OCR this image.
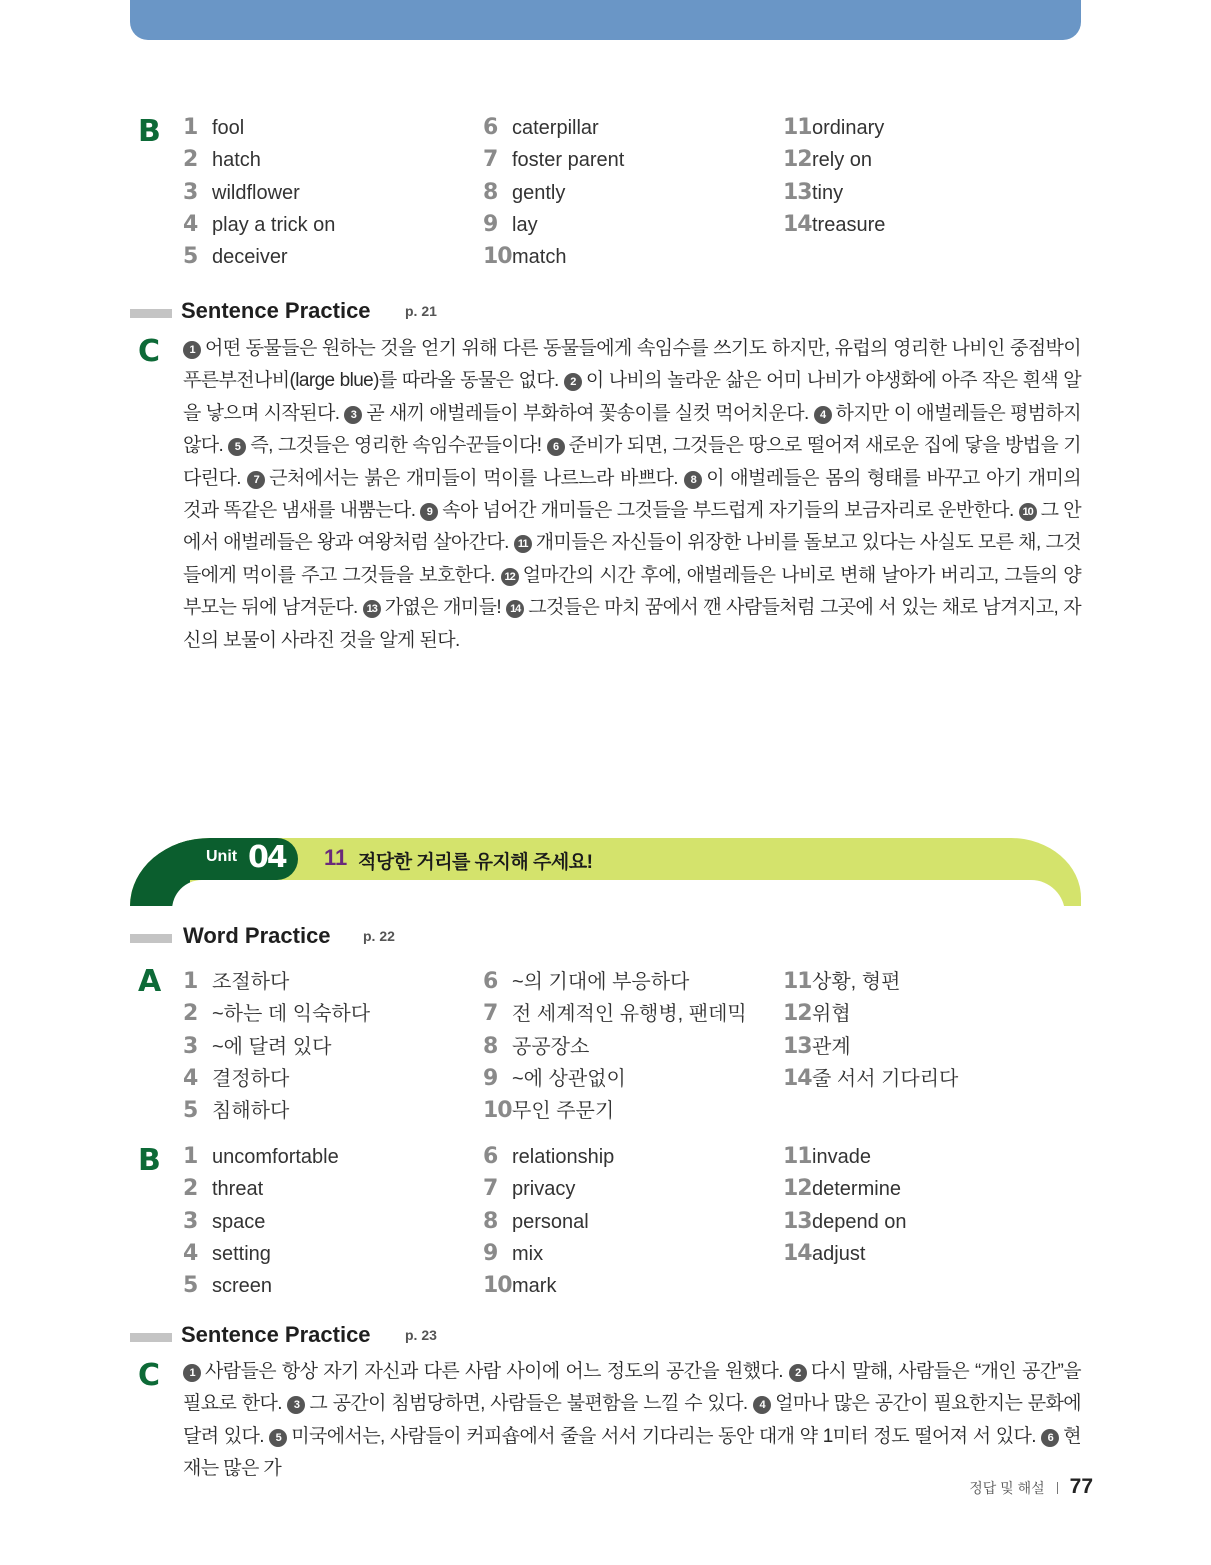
B 1 fool
2 hatch
3 wildflower
4 play a trick on
5 deceiver
6 caterpillar
7 foster parent
8 gently
9 lay
10match
11ordinary
12rely on
13tiny
14treasure
Sentence Practice p. 21
C	1 어떤 동물들은 원하는 것을 얻기 위해 다른 동물들에게 속임수를 쓰기도 하지만, 유럽의 영리한 나비인 중점박이푸른부전나비(large blue)를 따라올 동물은 없다. 2 이 나비의 놀라운 삶은 어미 나비가 야생화에 아주 작은 흰색 알을 낳으며 시작된다. 3 곧 새끼 애벌레들이 부화하여 꽃송이를 실컷 먹어치운다. 4 하지만 이 애벌레들은 평범하지 않다. 5 즉, 그것들은 영리한 속임수꾼들이다! 6 준비가 되면, 그것들은 땅으로 떨어져 새로운 집에 닿을 방법을 기다린다. 7 근처에서는 붉은 개미들이 먹이를 나르느라 바쁘다. 8 이 애벌레들은 몸의 형태를 바꾸고 아기 개미의 것과 똑같은 냄새를 내뿜는다. 9 속아 넘어간 개미들은 그것들을 부드럽게 자기들의 보금자리로 운반한다. 10 그 안에서 애벌레들은 왕과 여왕처럼 살아간다. 11 개미들은 자신들이 위장한 나비를 돌보고 있다는 사실도 모른 채, 그것들에게 먹이를 주고 그것들을 보호한다. 12 얼마간의 시간 후에, 애벌레들은 나비로 변해 날아가 버리고, 그들의 양부모는 뒤에 남겨둔다. 13 가엾은 개미들! 14 그것들은 마치 꿈에서 깬 사람들처럼 그곳에 서 있는 채로 남겨지고, 자신의 보물이 사라진 것을 알게 된다.
Unit 04 11 적당한 거리를 유지해 주세요!
Word Practice p. 22
A 1 조절하다
2 ~하는 데 익숙하다
3 ~에 달려 있다
4 결정하다
5 침해하다
6 ~의 기대에 부응하다
7 전 세계적인 유행병, 팬데믹
8 공공장소
9 ~에 상관없이
10무인 주문기
11상황, 형편
12위협
13관계
14줄 서서 기다리다
B 1 uncomfortable
2 threat
3 space
4 setting
5 screen
6 relationship
7 privacy
8 personal
9 mix
10mark
11invade
12determine
13depend on
14adjust
Sentence Practice p. 23
C	1 사람들은 항상 자기 자신과 다른 사람 사이에 어느 정도의 공간을 원했다. 2 다시 말해, 사람들은 “개인 공간”을 필요로 한다. 3 그 공간이 침범당하면, 사람들은 불편함을 느낄 수 있다. 4 얼마나 많은 공간이 필요한지는 문화에 달려 있다. 5 미국에서는, 사람들이 커피숍에서 줄을 서서 기다리는 동안 대개 약 1미터 정도 떨어져 서 있다. 6 현재는 많은 가
정답 및 해설 77
